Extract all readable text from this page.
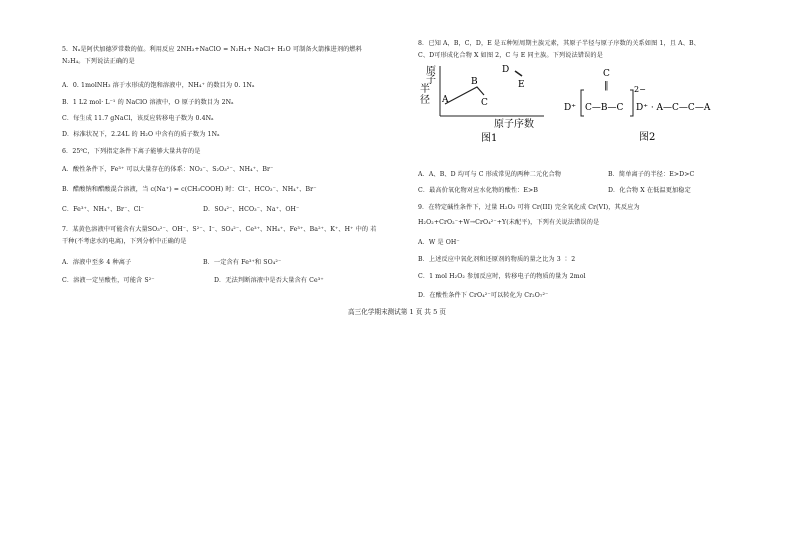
5．Nₐ是阿伏加德罗常数的值。利用反应 2NH₃+NaClO = N₂H₄+ NaCl+ H₂O 可制备火箭推进剂的燃料
N₂H₄。下列说法正确的是
A．0. 1molNH₃ 溶于水形成的饱和溶液中，NH₄⁺ 的数目为 0. 1Nₐ
B．1 L2 mol· L⁻¹ 的 NaClO 溶液中，O 原子的数目为 2Nₐ
C．每生成 11.7 gNaCl，该反应转移电子数为 0.4Nₐ
D．标准状况下，2.24L 的 H₂O 中含有的质子数为 1Nₐ
6．25℃，下列指定条件下离子能够大量共存的是
A．酸性条件下，Fe³⁺ 可以大量存在的体系：NO₃⁻、S₂O₃²⁻、NH₄⁺、Br⁻
B．醋酸钠和醋酸混合溶液，当 c(Na⁺) = c(CH₃COOH) 时：Cl⁻、HCO₃⁻、NH₄⁺、Br⁻
C．Fe³⁺、NH₄⁺、Br⁻、Cl⁻	D．SO₄²⁻、HCO₃⁻、Na⁺、OH⁻
7．某黄色溶液中可能含有大量SO₃²⁻、OH⁻、S²⁻、I⁻、SO₄²⁻、Ce³⁺、NH₄⁺、Fe³⁺、Ba²⁺、K⁺、H⁺ 中的 若
干种(不考虑水的电离)，下列分析中正确的是
A．溶液中至多 4 种离子	B．一定含有 Fe³⁺和 SO₄²⁻
C．溶液一定呈酸性，可能含 S²⁻	D．无法判断溶液中是否大量含有 Ce³⁺
8．已知 A，B，C，D，E 是五种短周期主族元素，其原子半径与原子序数的关系如图 1，且 A、B、
C、D可形成化合物 X 如图 2，C 与 E 同主族。下列说法错误的是
原
子
半
径 A
B
C
D
E
原子序数
图1
C
‖
D⁺ C—B—C
2−
D⁺ · A—C—C—A
图2
A．A、B、D 均可与 C 形成常见的两种二元化合物	B．简单离子的半径：E>D>C
C．最高价氧化物对应水化物的酸性：E>B	D．化合物 X 在低温更加稳定
9．在特定碱性条件下，过量 H₂O₂ 可将 Cr(III) 完全氧化成 Cr(VI)，其反应为
H₂O₂+CrO₂⁻+W→CrO₄²⁻+Y(未配平)，下列有关说法错误的是
A．W 是 OH⁻
B．上述反应中氧化剂和还原剂的物质的量之比为 3 ∶ 2
C．1 mol H₂O₂ 参加反应时，转移电子的物质的量为 2mol
D．在酸性条件下 CrO₄²⁻可以转化为 Cr₂O₇²⁻
高三化学期末测试第 1 页 共 5 页
